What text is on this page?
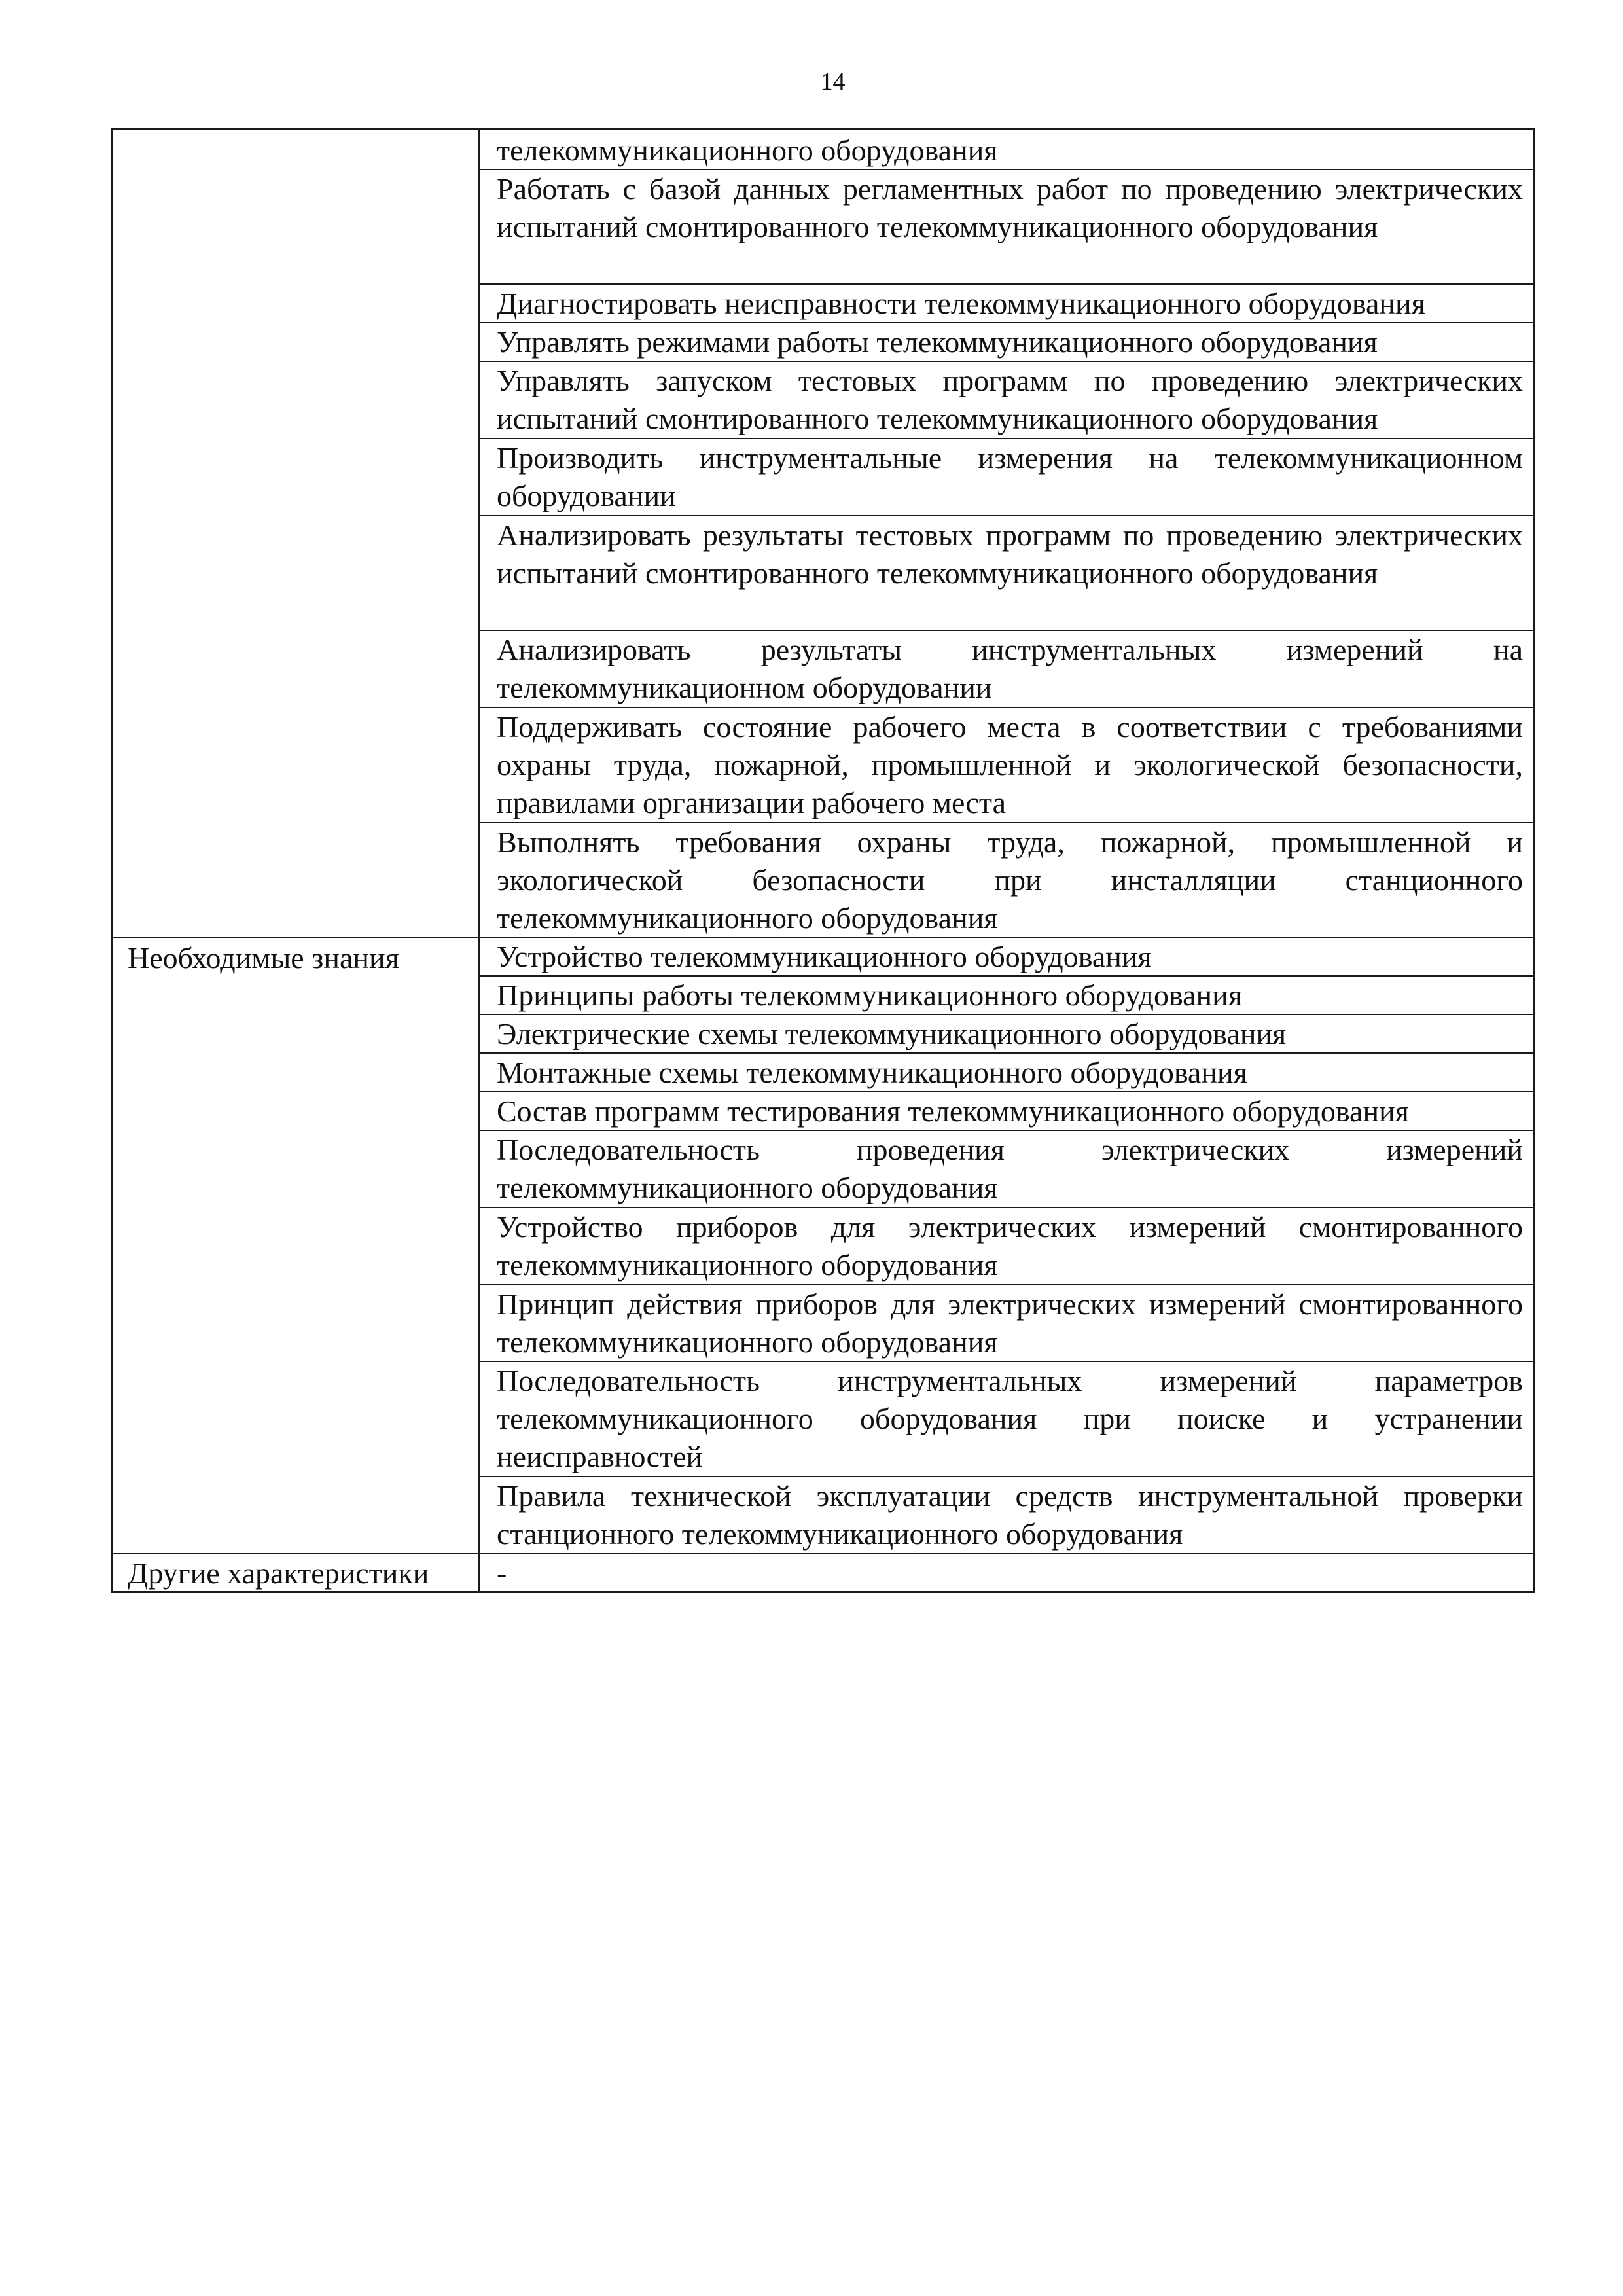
14
телекоммуникационного оборудования
Работать с базой данных регламентных работ по проведению электрических испытаний смонтированного телекоммуникационного оборудования
Диагностировать неисправности телекоммуникационного оборудования
Управлять режимами работы телекоммуникационного оборудования
Управлять запуском тестовых программ по проведению электрических испытаний смонтированного телекоммуникационного оборудования
Производить инструментальные измерения на телекоммуникационном оборудовании
Анализировать результаты тестовых программ по проведению электрических испытаний смонтированного телекоммуникационного оборудования
Анализировать результаты инструментальных измерений на телекоммуникационном оборудовании
Поддерживать состояние рабочего места в соответствии с требованиями охраны труда, пожарной, промышленной и экологической безопасности, правилами организации рабочего места
Выполнять требования охраны труда, пожарной, промышленной и экологической безопасности при инсталляции станционного телекоммуникационного оборудования
Необходимые знания	Устройство телекоммуникационного оборудования
Принципы работы телекоммуникационного оборудования
Электрические схемы телекоммуникационного оборудования
Монтажные схемы телекоммуникационного оборудования
Состав программ тестирования телекоммуникационного оборудования
Последовательность проведения электрических измерений телекоммуникационного оборудования
Устройство приборов для электрических измерений смонтированного телекоммуникационного оборудования
Принцип действия приборов для электрических измерений смонтированного телекоммуникационного оборудования
Последовательность инструментальных измерений параметров телекоммуникационного оборудования при поиске и устранении неисправностей
Правила технической эксплуатации средств инструментальной проверки станционного телекоммуникационного оборудования
Другие характеристики -
